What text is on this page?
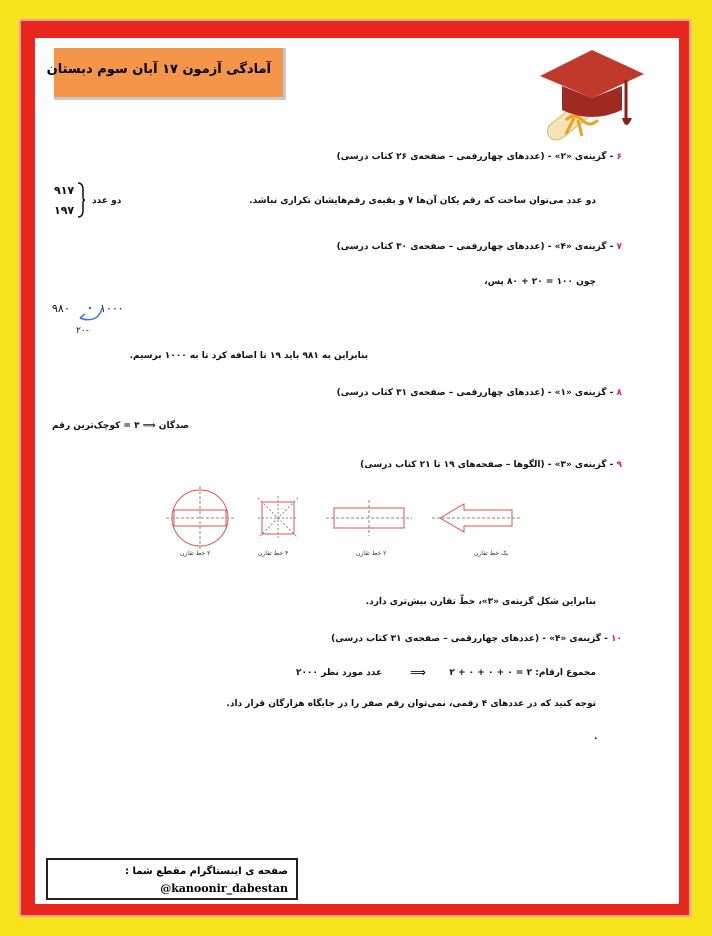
آمادگی آزمون ۱۷ آبان سوم دبستان
۶ - گزینه‌ی «۲» - (عددهای چهاررقمی – صفحه‌ی ۲۶ کتاب درسی)
دو عدد می‌توان ساخت که رقم یکان آن‌ها ۷ و بقیه‌ی رقم‌هایشان تکراری نباشد.
دو عدد
۹۱۷
۱۹۷
۷ - گزینه‌ی «۴» - (عددهای چهاررقمی – صفحه‌ی ۳۰ کتاب درسی)
چون ۱۰۰ = ۲۰ + ۸۰ پس،
۹۸۰	۱۰۰۰
-۲۰
بنابراین به ۹۸۱ باید ۱۹ تا اضافه کرد تا به ۱۰۰۰ برسیم.
۸ - گزینه‌ی «۱» - (عددهای چهاررقمی – صفحه‌ی ۳۱ کتاب درسی)
صدگان ⟹ ۳ = کوچک‌ترین رقم
۹ - گزینه‌ی «۳» - (الگوها – صفحه‌های ۱۹ تا ۲۱ کتاب درسی)
۲ خط تقارن	۴ خط تقارن	۲ خط تقارن	یک خط تقارن
بنابراین شکل گزینه‌ی «۳»، خطّ تقارن بیش‌تری دارد.
۱۰ - گزینه‌ی «۴» - (عددهای چهاررقمی – صفحه‌ی ۳۱ کتاب درسی)
مجموع ارقام: ۲ = ۰ + ۰ + ۰ + ۲
⟹
عدد مورد نظر ۲۰۰۰
توجه کنید که در عددهای ۴ رقمی، نمی‌توان رقم صفر را در جایگاه هزارگان قرار داد.
.
صفحه ی اینستاگرام مقطع شما :
@kanoonir_dabestan
